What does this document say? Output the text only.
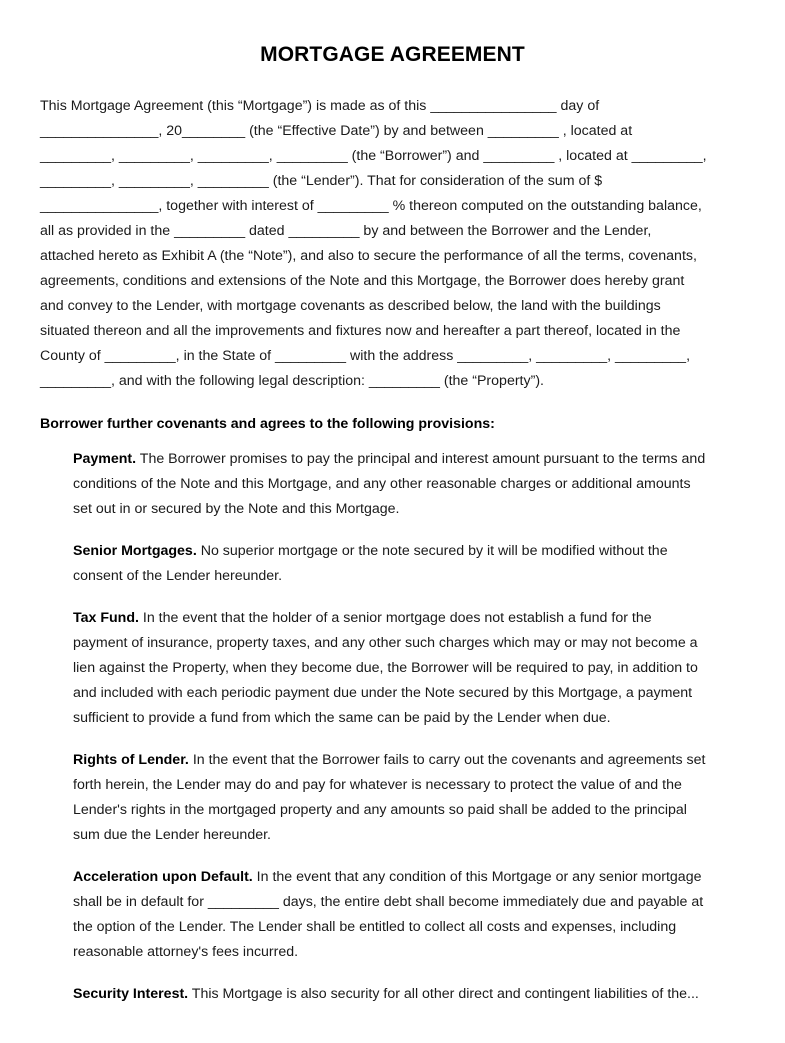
MORTGAGE AGREEMENT
This Mortgage Agreement (this “Mortgage”) is made as of this ________________ day of
_______________, 20________ (the “Effective Date”) by and between _________ , located at
_________, _________, _________, _________ (the “Borrower”) and _________ , located at _________,
_________, _________, _________ (the “Lender”). That for consideration of the sum of $
_______________, together with interest of _________ % thereon computed on the outstanding balance,
all as provided in the _________ dated _________ by and between the Borrower and the Lender,
attached hereto as Exhibit A (the “Note”), and also to secure the performance of all the terms, covenants,
agreements, conditions and extensions of the Note and this Mortgage, the Borrower does hereby grant
and convey to the Lender, with mortgage covenants as described below, the land with the buildings
situated thereon and all the improvements and fixtures now and hereafter a part thereof, located in the
County of _________, in the State of _________ with the address _________, _________, _________,
_________, and with the following legal description: _________ (the “Property”).
Borrower further covenants and agrees to the following provisions:
Payment. The Borrower promises to pay the principal and interest amount pursuant to the terms and
conditions of the Note and this Mortgage, and any other reasonable charges or additional amounts
set out in or secured by the Note and this Mortgage.
Senior Mortgages. No superior mortgage or the note secured by it will be modified without the
consent of the Lender hereunder.
Tax Fund. In the event that the holder of a senior mortgage does not establish a fund for the
payment of insurance, property taxes, and any other such charges which may or may not become a
lien against the Property, when they become due, the Borrower will be required to pay, in addition to
and included with each periodic payment due under the Note secured by this Mortgage, a payment
sufficient to provide a fund from which the same can be paid by the Lender when due.
Rights of Lender. In the event that the Borrower fails to carry out the covenants and agreements set
forth herein, the Lender may do and pay for whatever is necessary to protect the value of and the
Lender's rights in the mortgaged property and any amounts so paid shall be added to the principal
sum due the Lender hereunder.
Acceleration upon Default. In the event that any condition of this Mortgage or any senior mortgage
shall be in default for _________ days, the entire debt shall become immediately due and payable at
the option of the Lender. The Lender shall be entitled to collect all costs and expenses, including
reasonable attorney's fees incurred.
Security Interest. This Mortgage is also security for all other direct and contingent liabilities of the...
